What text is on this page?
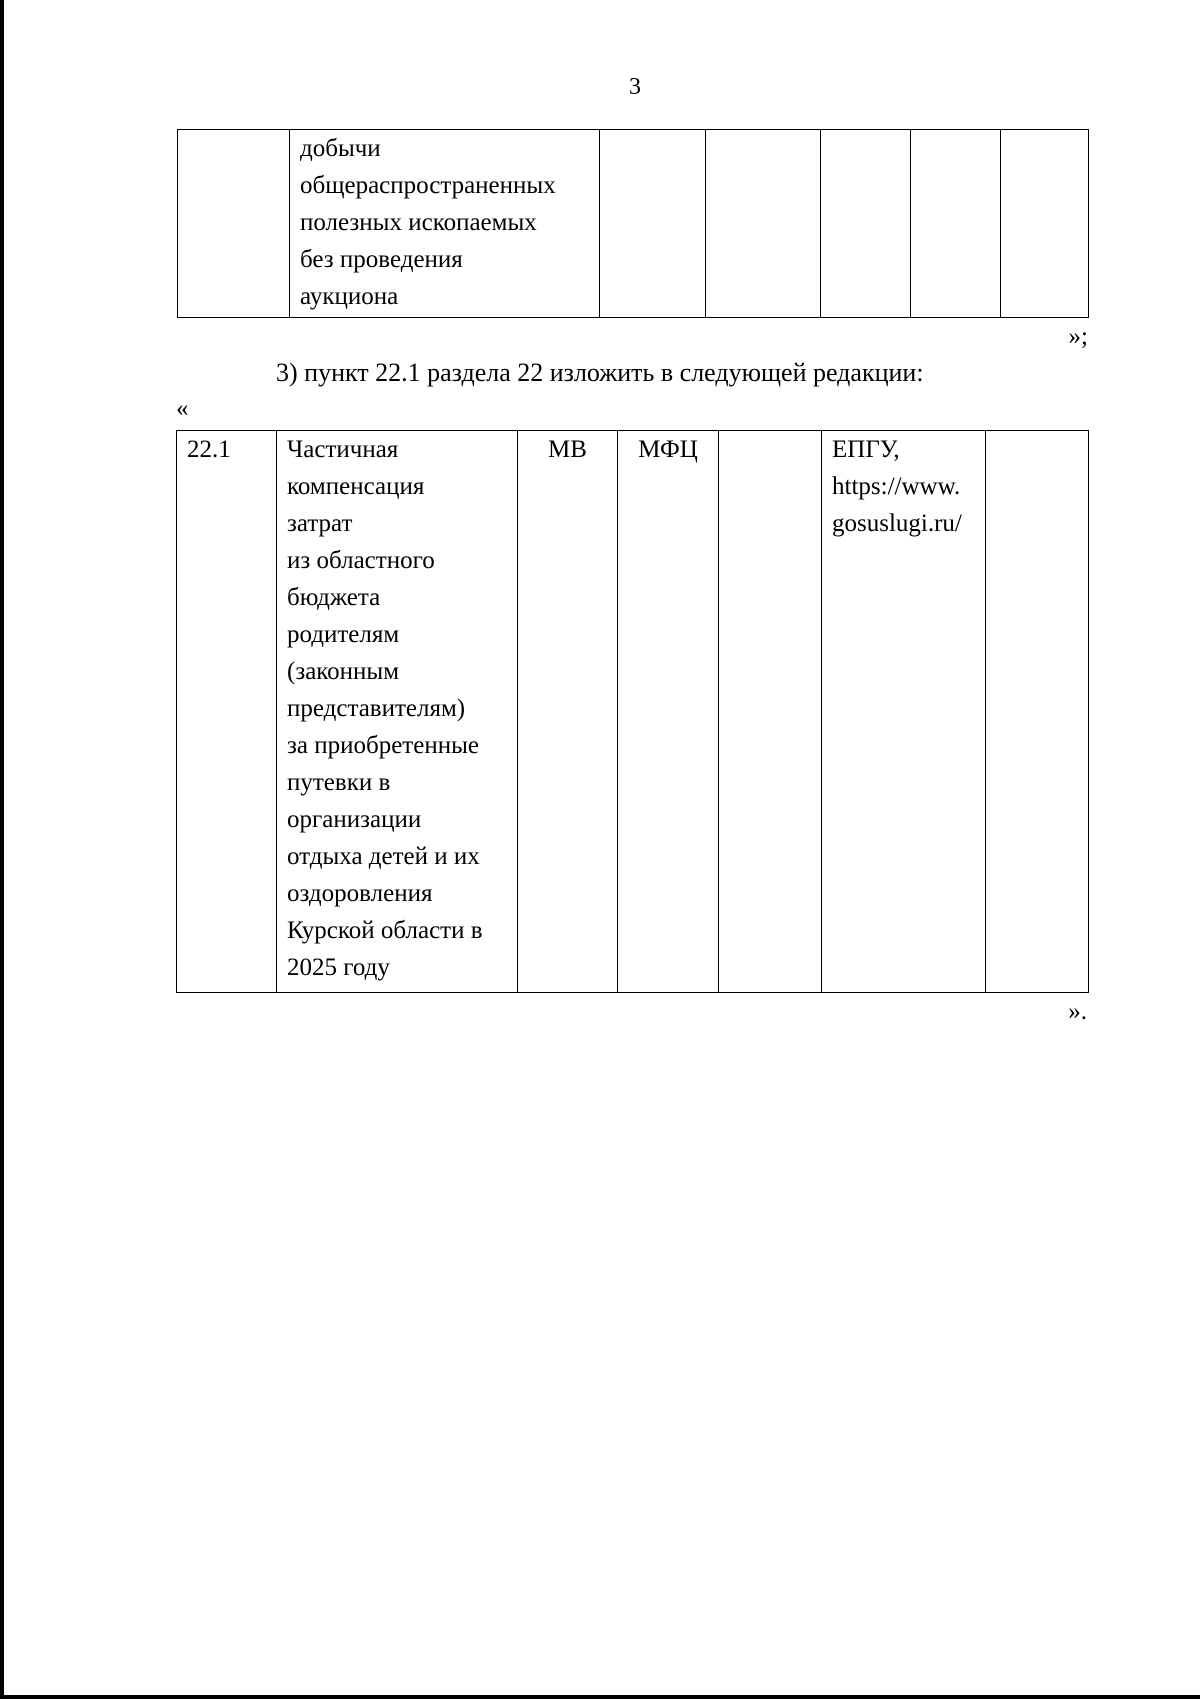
3
	добычи
общераспространенных
полезных ископаемых
без проведения
аукциона					
»;
3) пункт 22.1 раздела 22 изложить в следующей редакции:
«
22.1	Частичная
компенсация
затрат
из областного
бюджета
родителям
(законным
представителям)
за приобретенные
путевки в
организации
отдыха детей и их
оздоровления
Курской области в
2025 году	МВ	МФЦ		ЕПГУ,
https://www.
gosuslugi.ru/	
».
